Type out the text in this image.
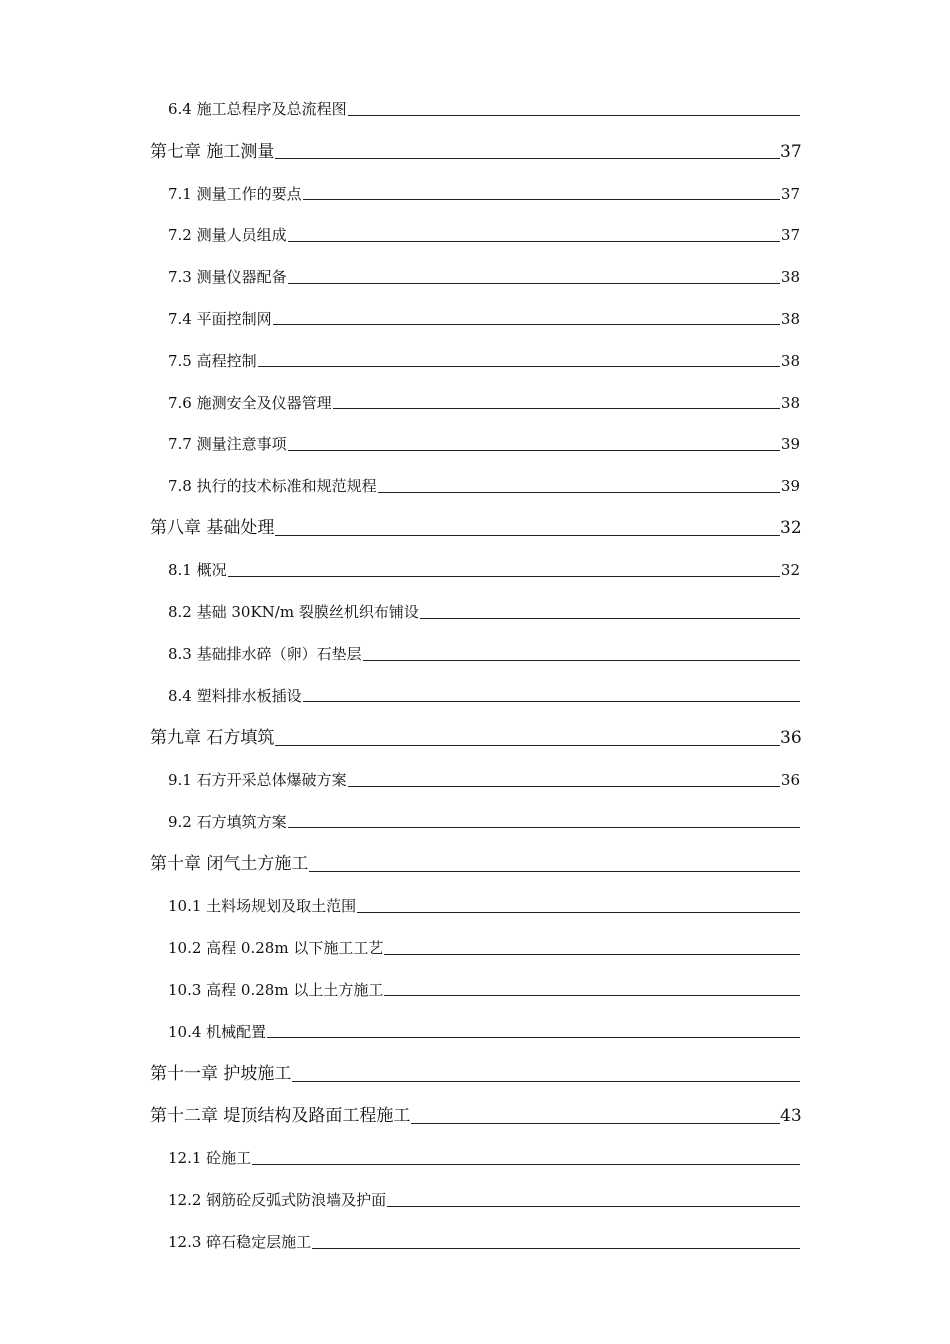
6.4 施工总程序及总流程图
第七章 施工测量	37
7.1 测量工作的要点	37
7.2 测量人员组成	37
7.3 测量仪器配备	38
7.4 平面控制网	38
7.5 高程控制	38
7.6 施测安全及仪器管理	38
7.7 测量注意事项	39
7.8 执行的技术标准和规范规程	39
第八章 基础处理	32
8.1 概况	32
8.2 基础 30KN/m 裂膜丝机织布铺设
8.3 基础排水碎（卵）石垫层
8.4 塑料排水板插设
第九章 石方填筑	36
9.1 石方开采总体爆破方案	36
9.2 石方填筑方案
第十章 闭气土方施工
10.1 土料场规划及取土范围
10.2 高程 0.28m 以下施工工艺
10.3 高程 0.28m 以上土方施工
10.4 机械配置
第十一章 护坡施工
第十二章 堤顶结构及路面工程施工	43
12.1 砼施工
12.2 钢筋砼反弧式防浪墙及护面
12.3 碎石稳定层施工
